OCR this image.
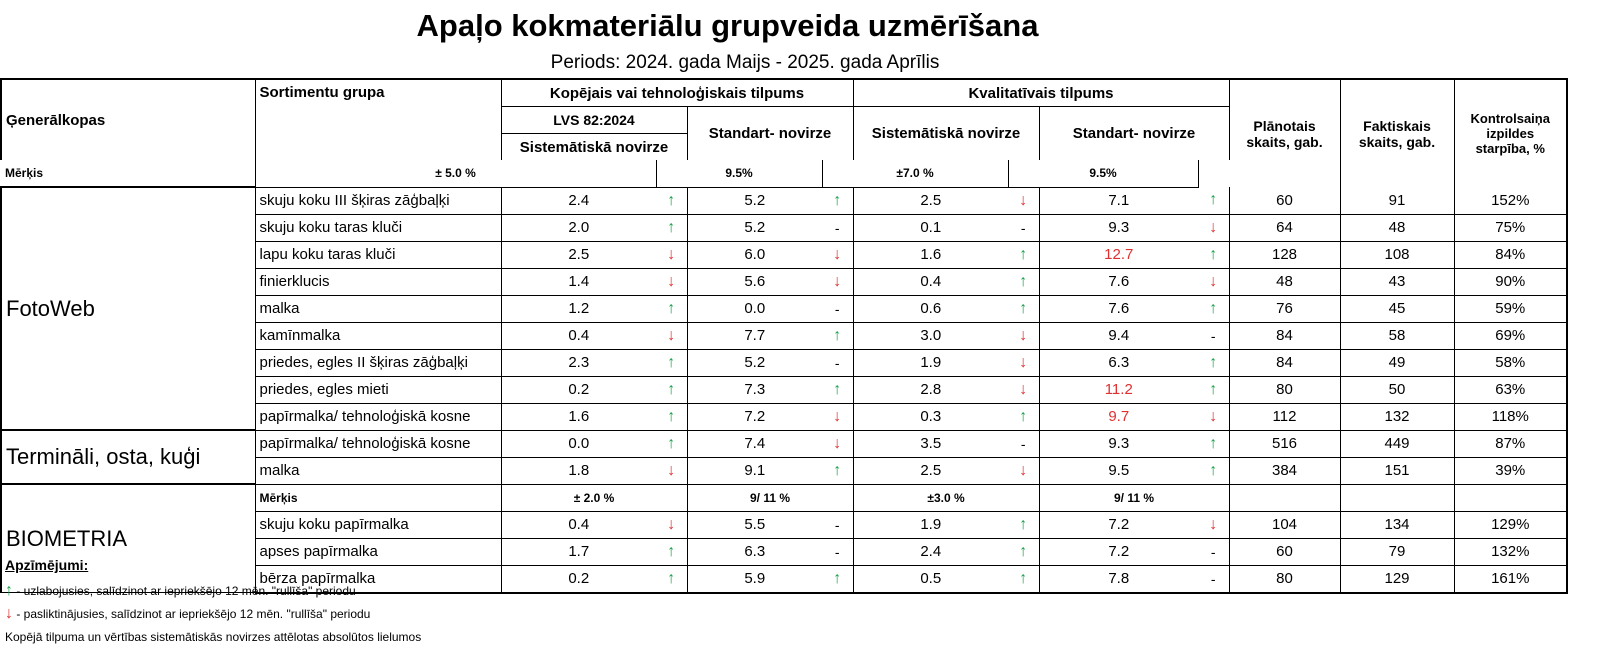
Apaļo kokmateriālu grupveida uzmērīšana
Periods: 2024. gada Maijs - 2025. gada Aprīlis
Ģenerālkopas	Sortimentu grupa	Kopējais vai tehnoloģiskais tilpums				Kvalitatīvais tilpums				Plānotais skaits, gab.	Faktiskais skaits, gab.	Kontrolsaiņa izpildes starpība, %
		LVS 82:2024		Standart- novirze		Sistemātiskā novirze		Standart- novirze				
		Sistemātiskā novirze										
Mērķis	± 5.0 %		9.5%		±7.0 %		9.5%					
FotoWeb	skuju koku III šķiras zāģbaļķi	2.4	↑	5.2	↑	2.5	↓	7.1	↑	60	91	152%
	skuju koku taras kluči	2.0	↑	5.2	-	0.1	-	9.3	↓	64	48	75%
	lapu koku taras kluči	2.5	↓	6.0	↓	1.6	↑	12.7	↑	128	108	84%
	finierklucis	1.4	↓	5.6	↓	0.4	↑	7.6	↓	48	43	90%
	malka	1.2	↑	0.0	-	0.6	↑	7.6	↑	76	45	59%
	kamīnmalka	0.4	↓	7.7	↑	3.0	↓	9.4	-	84	58	69%
	priedes, egles II šķiras zāģbaļķi	2.3	↑	5.2	-	1.9	↓	6.3	↑	84	49	58%
	priedes, egles mieti	0.2	↑	7.3	↑	2.8	↓	11.2	↑	80	50	63%
	papīrmalka/ tehnoloģiskā kosne	1.6	↑	7.2	↓	0.3	↑	9.7	↓	112	132	118%
Termināli, osta, kuģi	papīrmalka/ tehnoloģiskā kosne	0.0	↑	7.4	↓	3.5	-	9.3	↑	516	449	87%
	malka	1.8	↓	9.1	↑	2.5	↓	9.5	↑	384	151	39%
BIOMETRIA	Mērķis	± 2.0 %		9/ 11 %		±3.0 %		9/ 11 %				
	skuju koku papīrmalka	0.4	↓	5.5	-	1.9	↑	7.2	↓	104	134	129%
	apses papīrmalka	1.7	↑	6.3	-	2.4	↑	7.2	-	60	79	132%
	bērza papīrmalka	0.2	↑	5.9	↑	0.5	↑	7.8	-	80	129	161%
Apzīmējumi:
↑ - uzlabojusies, salīdzinot ar iepriekšējo 12 mēn. "rullīša" periodu
↓ - pasliktinājusies, salīdzinot ar iepriekšējo 12 mēn. "rullīša" periodu
Kopējā tilpuma un vērtības sistemātiskās novirzes attēlotas absolūtos lielumos
